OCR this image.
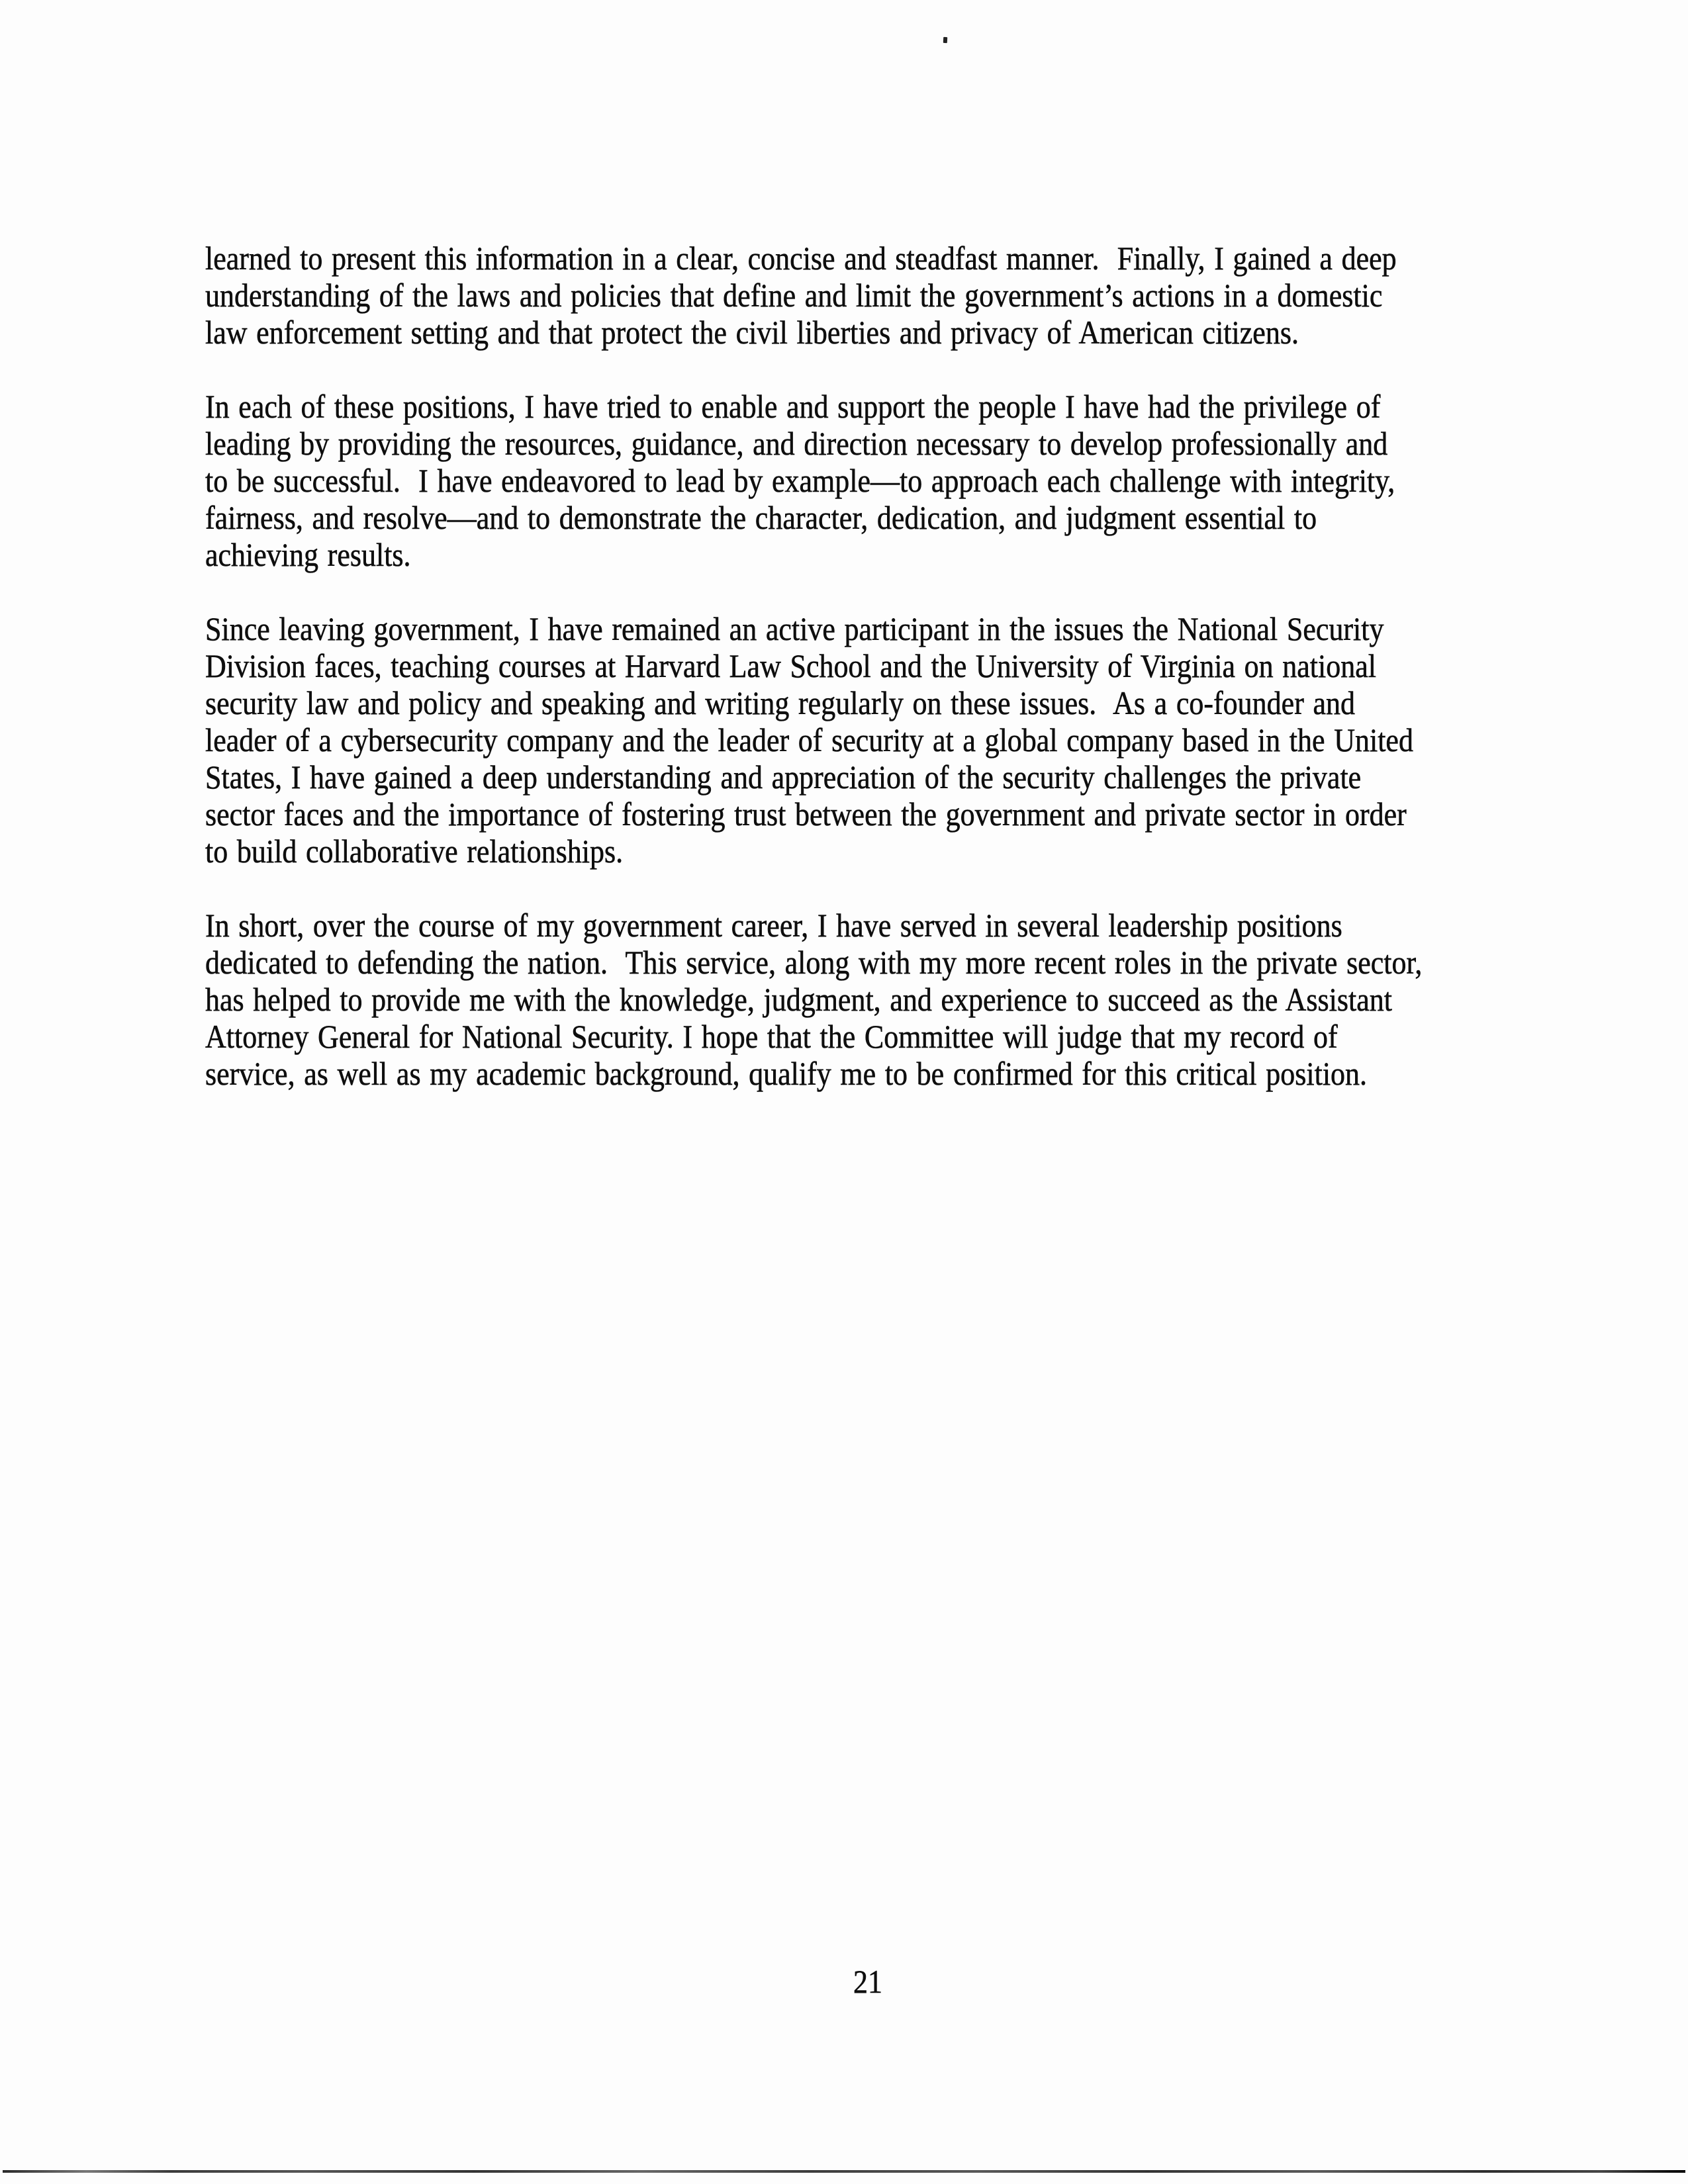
learned to present this information in a clear, concise and steadfast manner.  Finally, I gained a deep
understanding of the laws and policies that define and limit the government’s actions in a domestic
law enforcement setting and that protect the civil liberties and privacy of American citizens.
In each of these positions, I have tried to enable and support the people I have had the privilege of
leading by providing the resources, guidance, and direction necessary to develop professionally and
to be successful.  I have endeavored to lead by example—to approach each challenge with integrity,
fairness, and resolve—and to demonstrate the character, dedication, and judgment essential to
achieving results.
Since leaving government, I have remained an active participant in the issues the National Security
Division faces, teaching courses at Harvard Law School and the University of Virginia on national
security law and policy and speaking and writing regularly on these issues.  As a co-founder and
leader of a cybersecurity company and the leader of security at a global company based in the United
States, I have gained a deep understanding and appreciation of the security challenges the private
sector faces and the importance of fostering trust between the government and private sector in order
to build collaborative relationships.
In short, over the course of my government career, I have served in several leadership positions
dedicated to defending the nation.  This service, along with my more recent roles in the private sector,
has helped to provide me with the knowledge, judgment, and experience to succeed as the Assistant
Attorney General for National Security. I hope that the Committee will judge that my record of
service, as well as my academic background, qualify me to be confirmed for this critical position.
21
